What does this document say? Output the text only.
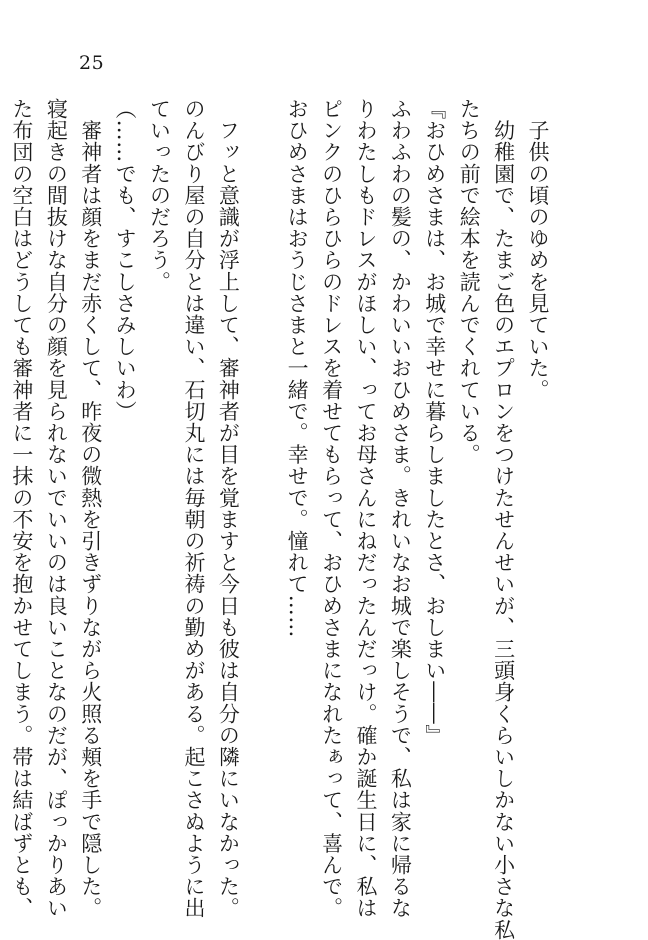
25
　子供の頃のゆめを見ていた。
　幼稚園で、たまご色のエプロンをつけたせんせいが、三頭身くらいしかない小さな私
たちの前で絵本を読んでくれている。
『おひめさまは、お城で幸せに暮らしましたとさ、おしまい――』
ふわふわの髪の、かわいいおひめさま。きれいなお城で楽しそうで、私は家に帰るな
りわたしもドレスがほしい、ってお母さんにねだったんだっけ。確か誕生日に、私は
ピンクのひらひらのドレスを着せてもらって、おひめさまになれたぁって、喜んで。
おひめさまはおうじさまと一緒で。幸せで。憧れて……
　フッと意識が浮上して、審神者が目を覚ますと今日も彼は自分の隣にいなかった。
のんびり屋の自分とは違い、石切丸には毎朝の祈祷の勤めがある。起こさぬように出
ていったのだろう。
（……でも、すこしさみしいわ）
　審神者は顔をまだ赤くして、昨夜の微熱を引きずりながら火照る頬を手で隠した。
寝起きの間抜けな自分の顔を見られないでいいのは良いことなのだが、ぽっかりあい
た布団の空白はどうしても審神者に一抹の不安を抱かせてしまう。帯は結ばずとも、
